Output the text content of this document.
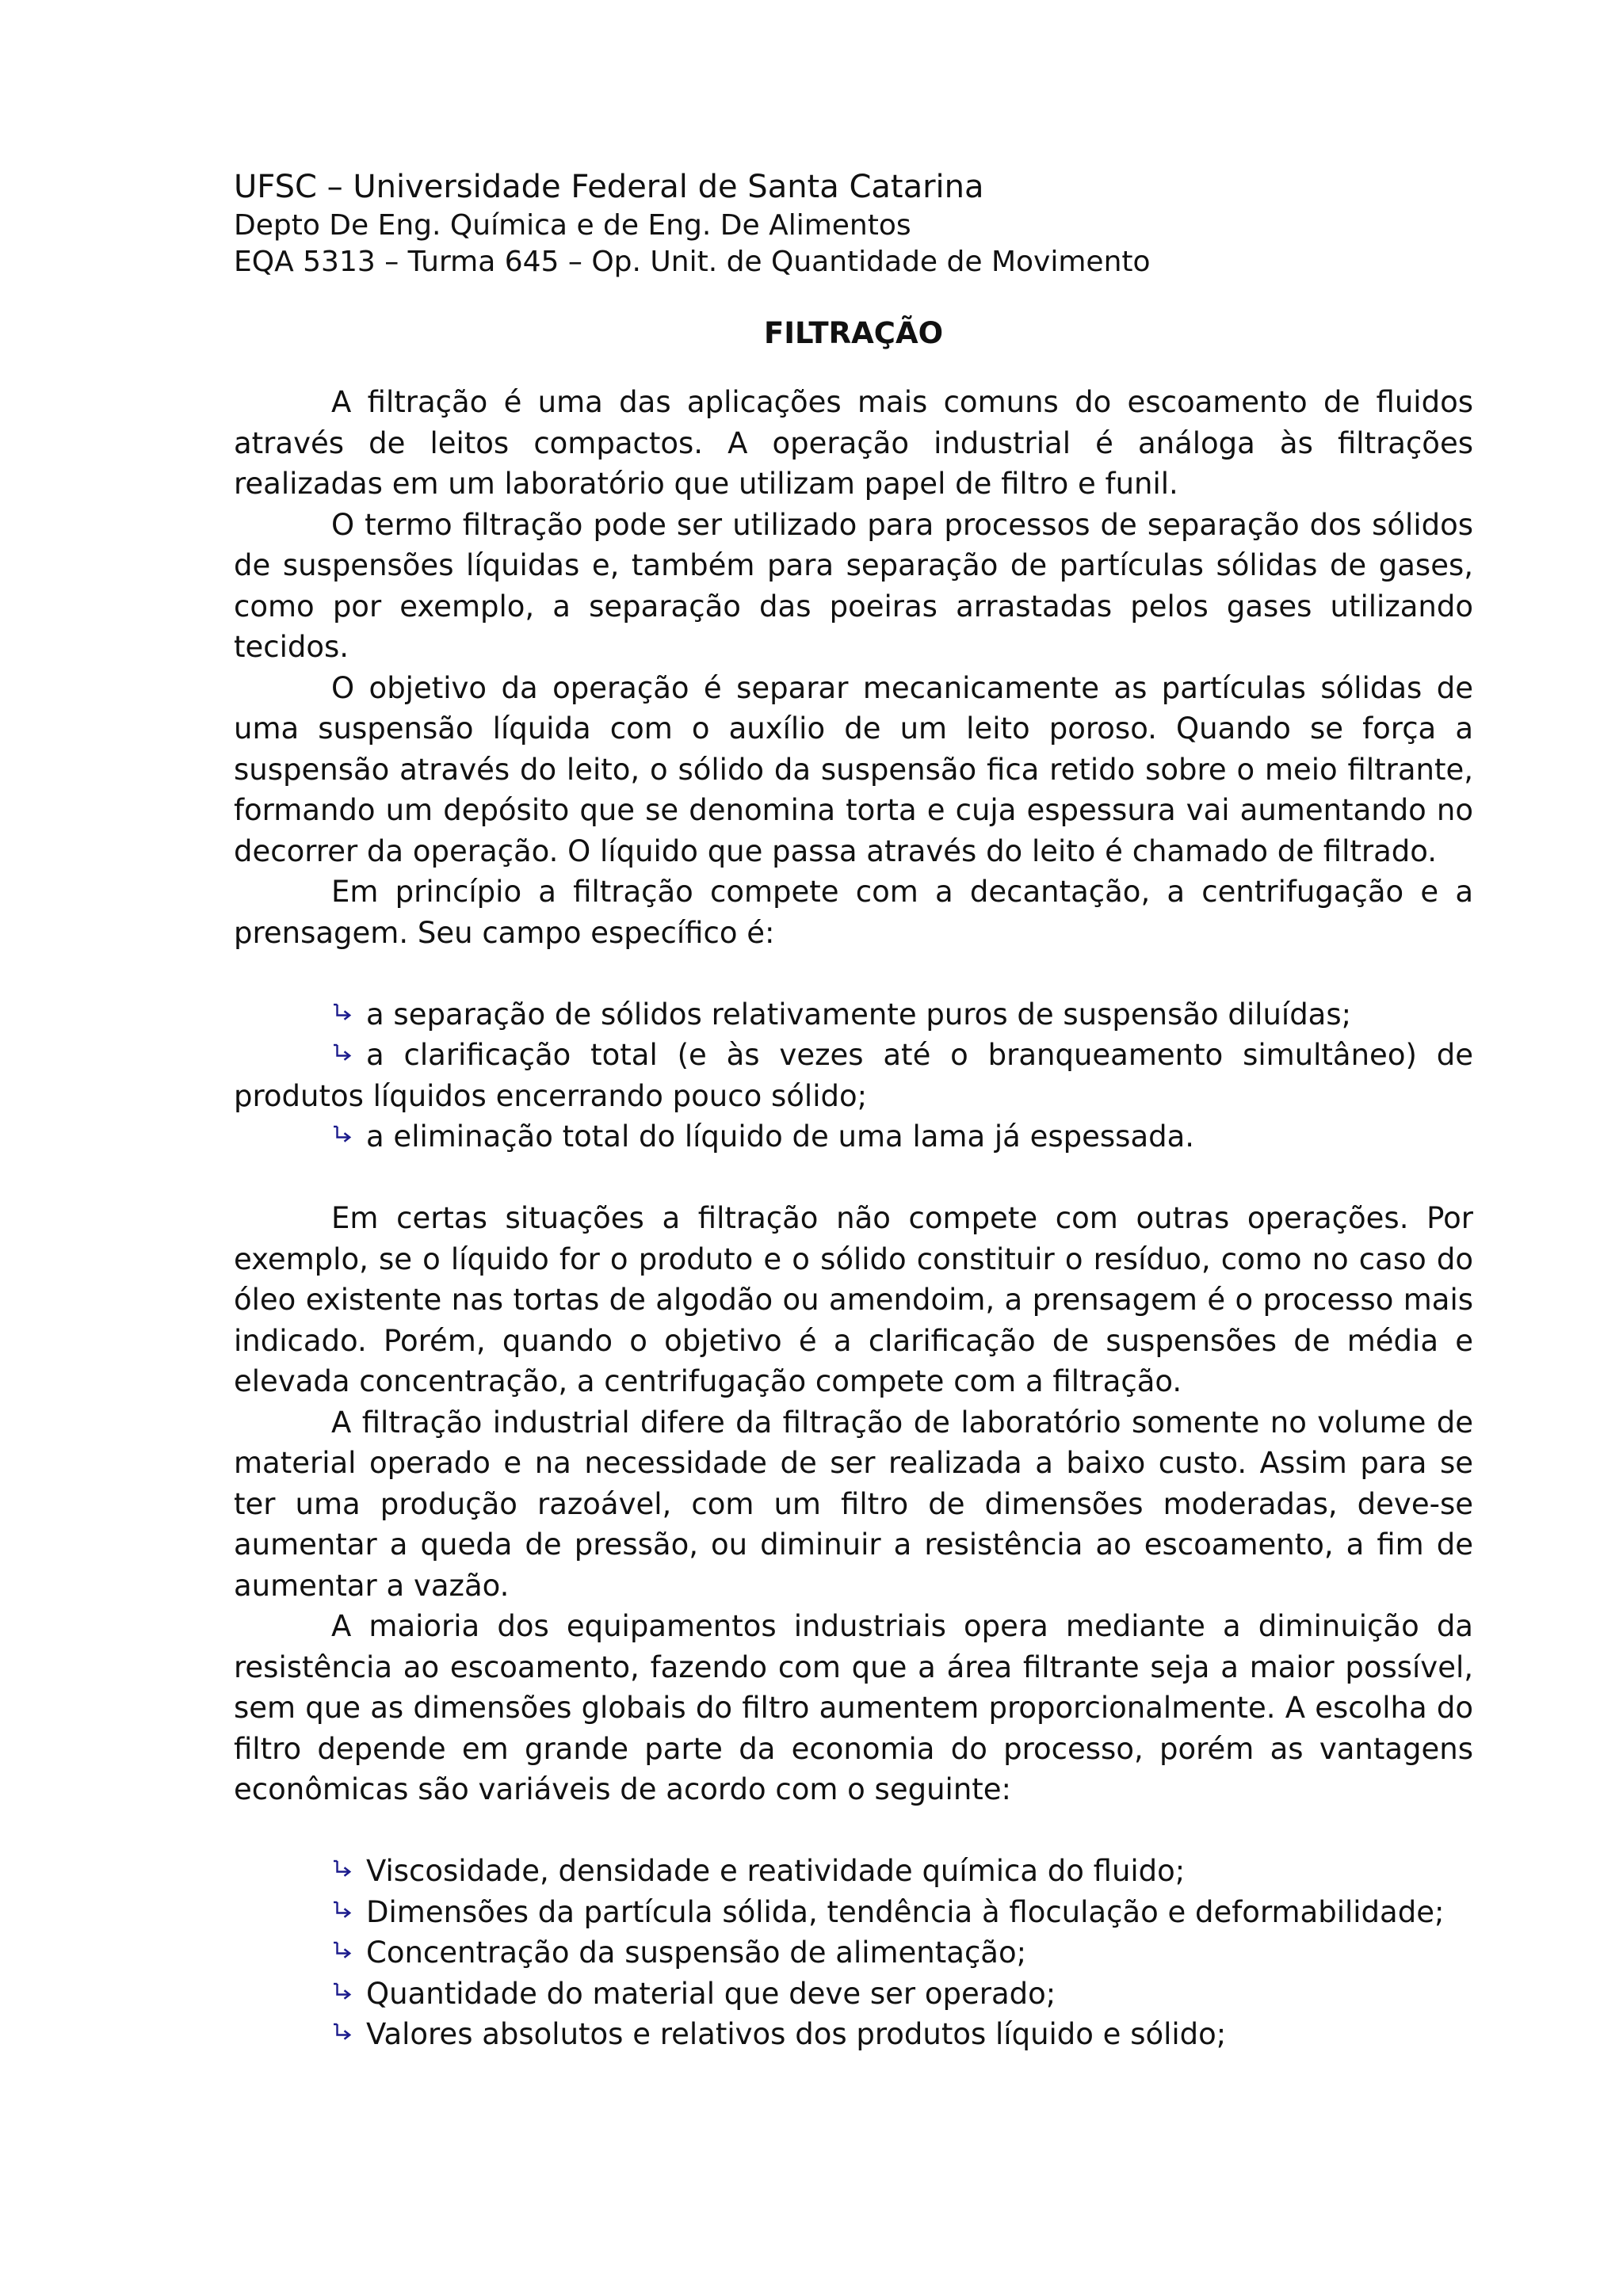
UFSC – Universidade Federal de Santa Catarina

Depto De Eng. Química e de Eng. De Alimentos

EQA 5313 – Turma 645 – Op. Unit. de Quantidade de Movimento

FILTRAÇÃO

A filtração é uma das aplicações mais comuns do escoamento de fluidos através de leitos compactos. A operação industrial é análoga às filtrações realizadas em um laboratório que utilizam papel de filtro e funil.

O termo filtração pode ser utilizado para processos de separação dos sólidos de suspensões líquidas e, também para separação de partículas sólidas de gases, como por exemplo, a separação das poeiras arrastadas pelos gases utilizando tecidos.

O objetivo da operação é separar mecanicamente as partículas sólidas de uma suspensão líquida com o auxílio de um leito poroso. Quando se força a suspensão através do leito, o sólido da suspensão fica retido sobre o meio filtrante, formando um depósito que se denomina torta e cuja espessura vai aumentando no decorrer da operação. O líquido que passa através do leito é chamado de filtrado.

Em princípio a filtração compete com a decantação, a centrifugação e a prensagem. Seu campo específico é:

a separação de sólidos relativamente puros de suspensão diluídas;

a clarificação total (e às vezes até o branqueamento simultâneo) de produtos líquidos encerrando pouco sólido;

a eliminação total do líquido de uma lama já espessada.

Em certas situações a filtração não compete com outras operações. Por exemplo, se o líquido for o produto e o sólido constituir o resíduo, como no caso do óleo existente nas tortas de algodão ou amendoim, a prensagem é o processo mais indicado. Porém, quando o objetivo é a clarificação de suspensões de média e elevada concentração, a centrifugação compete com a filtração.

A filtração industrial difere da filtração de laboratório somente no volume de material operado e na necessidade de ser realizada a baixo custo. Assim para se ter uma produção razoável, com um filtro de dimensões moderadas, deve-se aumentar a queda de pressão, ou diminuir a resistência ao escoamento, a fim de aumentar a vazão.

A maioria dos equipamentos industriais opera mediante a diminuição da resistência ao escoamento, fazendo com que a área filtrante seja a maior possível, sem que as dimensões globais do filtro aumentem proporcionalmente. A escolha do filtro depende em grande parte da economia do processo, porém as vantagens econômicas são variáveis de acordo com o seguinte:

Viscosidade, densidade e reatividade química do fluido;

Dimensões da partícula sólida, tendência à floculação e deformabilidade;

Concentração da suspensão de alimentação;

Quantidade do material que deve ser operado;

Valores absolutos e relativos dos produtos líquido e sólido;
